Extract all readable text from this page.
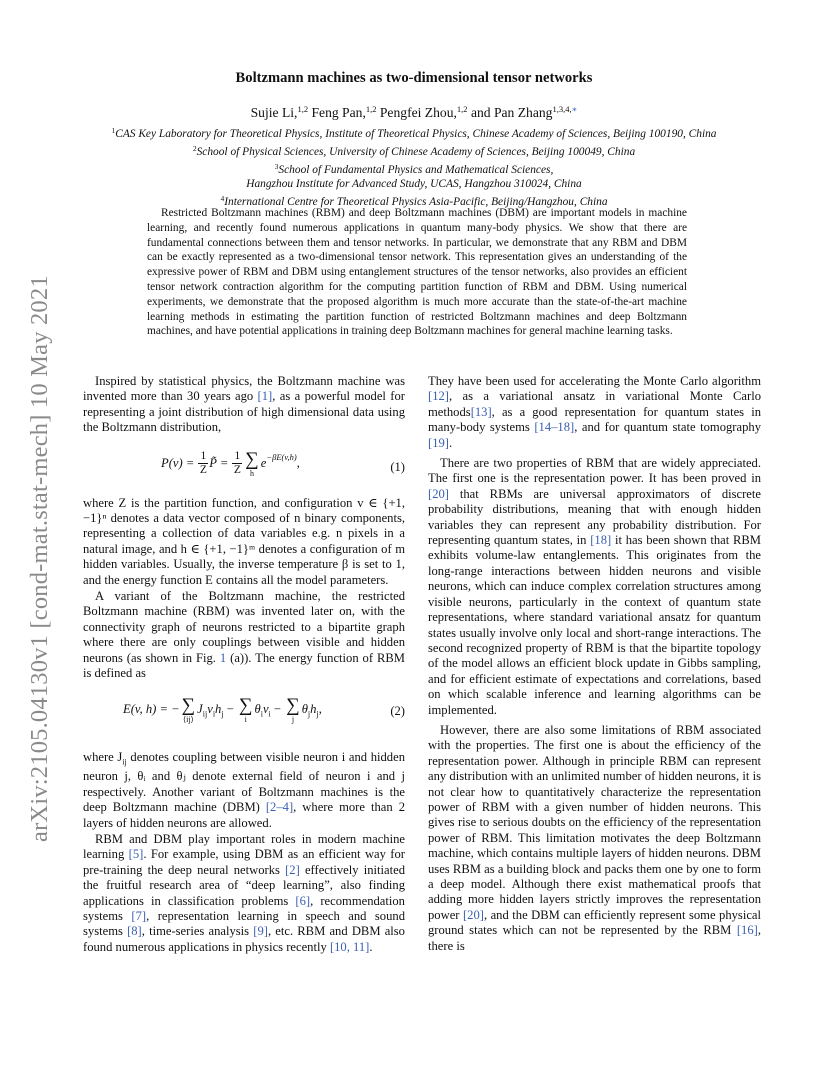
arXiv:2105.04130v1 [cond-mat.stat-mech] 10 May 2021
Boltzmann machines as two-dimensional tensor networks
Sujie Li,$^{1,2}$ Feng Pan,$^{1,2}$ Pengfei Zhou,$^{1,2}$ and Pan Zhang$^{1,3,4,∗}$
$^1$CAS Key Laboratory for Theoretical Physics, Institute of Theoretical Physics, Chinese Academy of Sciences, Beijing 100190, China
$^2$School of Physical Sciences, University of Chinese Academy of Sciences, Beijing 100049, China
$^3$School of Fundamental Physics and Mathematical Sciences,
Hangzhou Institute for Advanced Study, UCAS, Hangzhou 310024, China
$^4$International Centre for Theoretical Physics Asia-Pacific, Beijing/Hangzhou, China
Restricted Boltzmann machines (RBM) and deep Boltzmann machines (DBM) are important models in machine learning, and recently found numerous applications in quantum many-body physics. We show that there are fundamental connections between them and tensor networks. In particular, we demonstrate that any RBM and DBM can be exactly represented as a two-dimensional tensor network. This representation gives an understanding of the expressive power of RBM and DBM using entanglement structures of the tensor networks, also provides an efficient tensor network contraction algorithm for the computing partition function of RBM and DBM. Using numerical experiments, we demonstrate that the proposed algorithm is much more accurate than the state-of-the-art machine learning methods in estimating the partition function of restricted Boltzmann machines and deep Boltzmann machines, and have potential applications in training deep Boltzmann machines for general machine learning tasks.

Inspired by statistical physics, the Boltzmann machine was invented more than 30 years ago [1], as a powerful model for representing a joint distribution of high dimensional data using the Boltzmann distribution,

$P(v) = \frac{1}{Z}$ P̃ = $\frac{1}{Z}$ ∑
h
$e^{-\beta E(v,h)}$,	(1)

where Z is the partition function, and configuration v ∈ {+1, −1}ⁿ denotes a data vector composed of n binary components, representing a collection of data variables e.g. n pixels in a natural image, and h ∈ {+1, −1}ᵐ denotes a configuration of m hidden variables. Usually, the inverse temperature β is set to 1, and the energy function E contains all the model parameters.

A variant of the Boltzmann machine, the restricted Boltzmann machine (RBM) was invented later on, with the connectivity graph of neurons restricted to a bipartite graph where there are only couplings between visible and hidden neurons (as shown in Fig. 1 (a)). The energy function of RBM is defined as

E(v, h) = − ∑
⟨ij⟩
$J_{ij}v_ih_j$ − ∑
i
$\theta_iv_i$ − ∑
j
$\theta_jh_j$,	(2)

where $J_{ij}$ denotes coupling between visible neuron i and hidden neuron j, θᵢ and θⱼ denote external field of neuron i and j respectively. Another variant of Boltzmann machines is the deep Boltzmann machine (DBM) [2–4], where more than 2 layers of hidden neurons are allowed.

RBM and DBM play important roles in modern machine learning [5]. For example, using DBM as an efficient way for pre-training the deep neural networks [2] effectively initiated the fruitful research area of “deep learning”, also finding applications in classification problems [6], recommendation systems [7], representation learning in speech and sound systems [8], time-series analysis [9], etc. RBM and DBM also found numerous applications in physics recently [10, 11].

They have been used for accelerating the Monte Carlo algorithm [12], as a variational ansatz in variational Monte Carlo methods[13], as a good representation for quantum states in many-body systems [14–18], and for quantum state tomography [19].

There are two properties of RBM that are widely appreciated. The first one is the representation power. It has been proved in [20] that RBMs are universal approximators of discrete probability distributions, meaning that with enough hidden variables they can represent any probability distribution. For representing quantum states, in [18] it has been shown that RBM exhibits volume-law entanglements. This originates from the long-range interactions between hidden neurons and visible neurons, which can induce complex correlation structures among visible neurons, particularly in the context of quantum state representations, where standard variational ansatz for quantum states usually involve only local and short-range interactions. The second recognized property of RBM is that the bipartite topology of the model allows an efficient block update in Gibbs sampling, and for efficient estimate of expectations and correlations, based on which scalable inference and learning algorithms can be implemented.

However, there are also some limitations of RBM associated with the properties. The first one is about the efficiency of the representation power. Although in principle RBM can represent any distribution with an unlimited number of hidden neurons, it is not clear how to quantitatively characterize the representation power of RBM with a given number of hidden neurons. This gives rise to serious doubts on the efficiency of the representation power of RBM. This limitation motivates the deep Boltzmann machine, which contains multiple layers of hidden neurons. DBM uses RBM as a building block and packs them one by one to form a deep model. Although there exist mathematical proofs that adding more hidden layers strictly improves the representation power [20], and the DBM can efficiently represent some physical ground states which can not be represented by the RBM [16], there is
